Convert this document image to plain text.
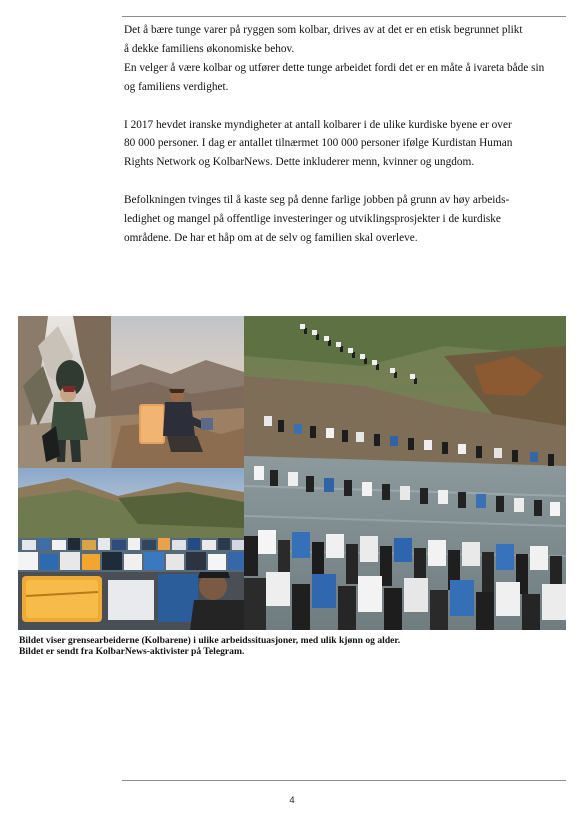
Det å bære tunge varer på ryggen som kolbar, drives av at det er en etisk begrunnet plikt
å dekke familiens økonomiske behov.
En velger å være kolbar og utfører dette tunge arbeidet fordi det er en måte å ivareta både sin
og familiens verdighet.

I 2017 hevdet iranske myndigheter at antall kolbarer i de ulike kurdiske byene er over
80 000 personer. I dag er antallet tilnærmet 100 000 personer ifølge Kurdistan Human
Rights Network og KolbarNews. Dette inkluderer menn, kvinner og ungdom.

Befolkningen tvinges til å kaste seg på denne farlige jobben på grunn av høy arbeids-
ledighet og mangel på offentlige investeringer og utviklingsprosjekter i de kurdiske
områdene. De har et håp om at de selv og familien skal overleve.

Bildet viser grensearbeiderne (Kolbarene) i ulike arbeidssituasjoner, med ulik kjønn og alder.
Bildet er sendt fra KolbarNews-aktivister på Telegram.
4
